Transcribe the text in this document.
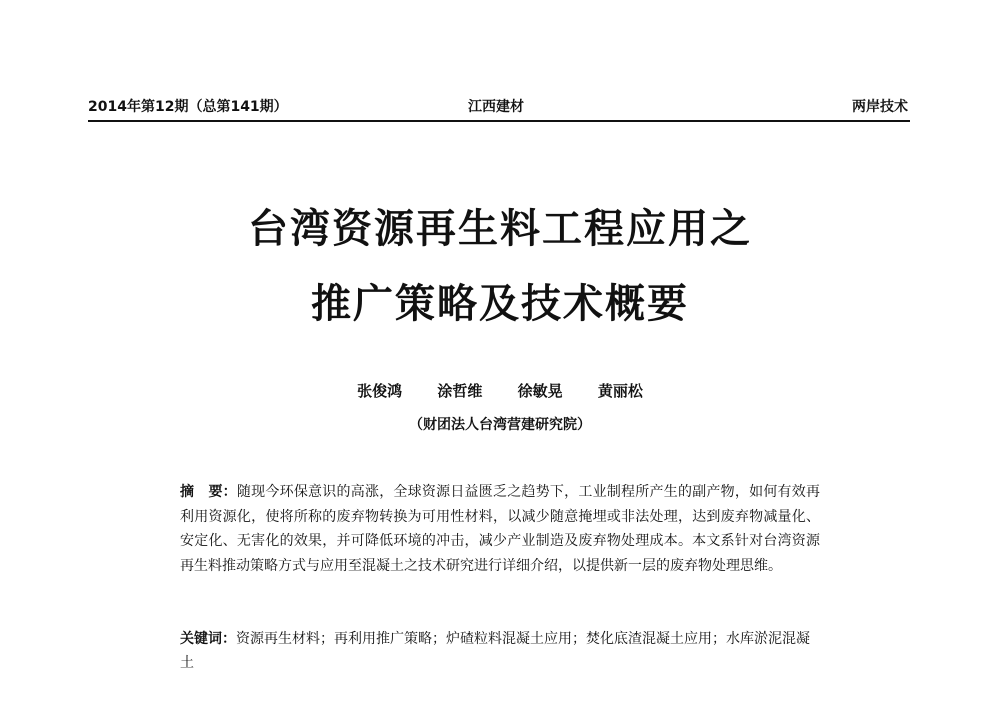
2014年第12期（总第141期）	江西建材	两岸技术
台湾资源再生料工程应用之
推广策略及技术概要
张俊鸿 涂哲维 徐敏晃 黄丽松
（财团法人台湾营建研究院）
摘　要：随现今环保意识的高涨，全球资源日益匮乏之趋势下，工业制程所产生的副产物，如何有效再利用资源化，使将所称的废弃物转换为可用性材料，以减少随意掩埋或非法处理，达到废弃物减量化、安定化、无害化的效果，并可降低环境的冲击，减少产业制造及废弃物处理成本。本文系针对台湾资源再生料推动策略方式与应用至混凝土之技术研究进行详细介绍，以提供新一层的废弃物处理思维。
关键词：资源再生材料；再利用推广策略；炉碴粒料混凝土应用；焚化底渣混凝土应用；水库淤泥混凝土
